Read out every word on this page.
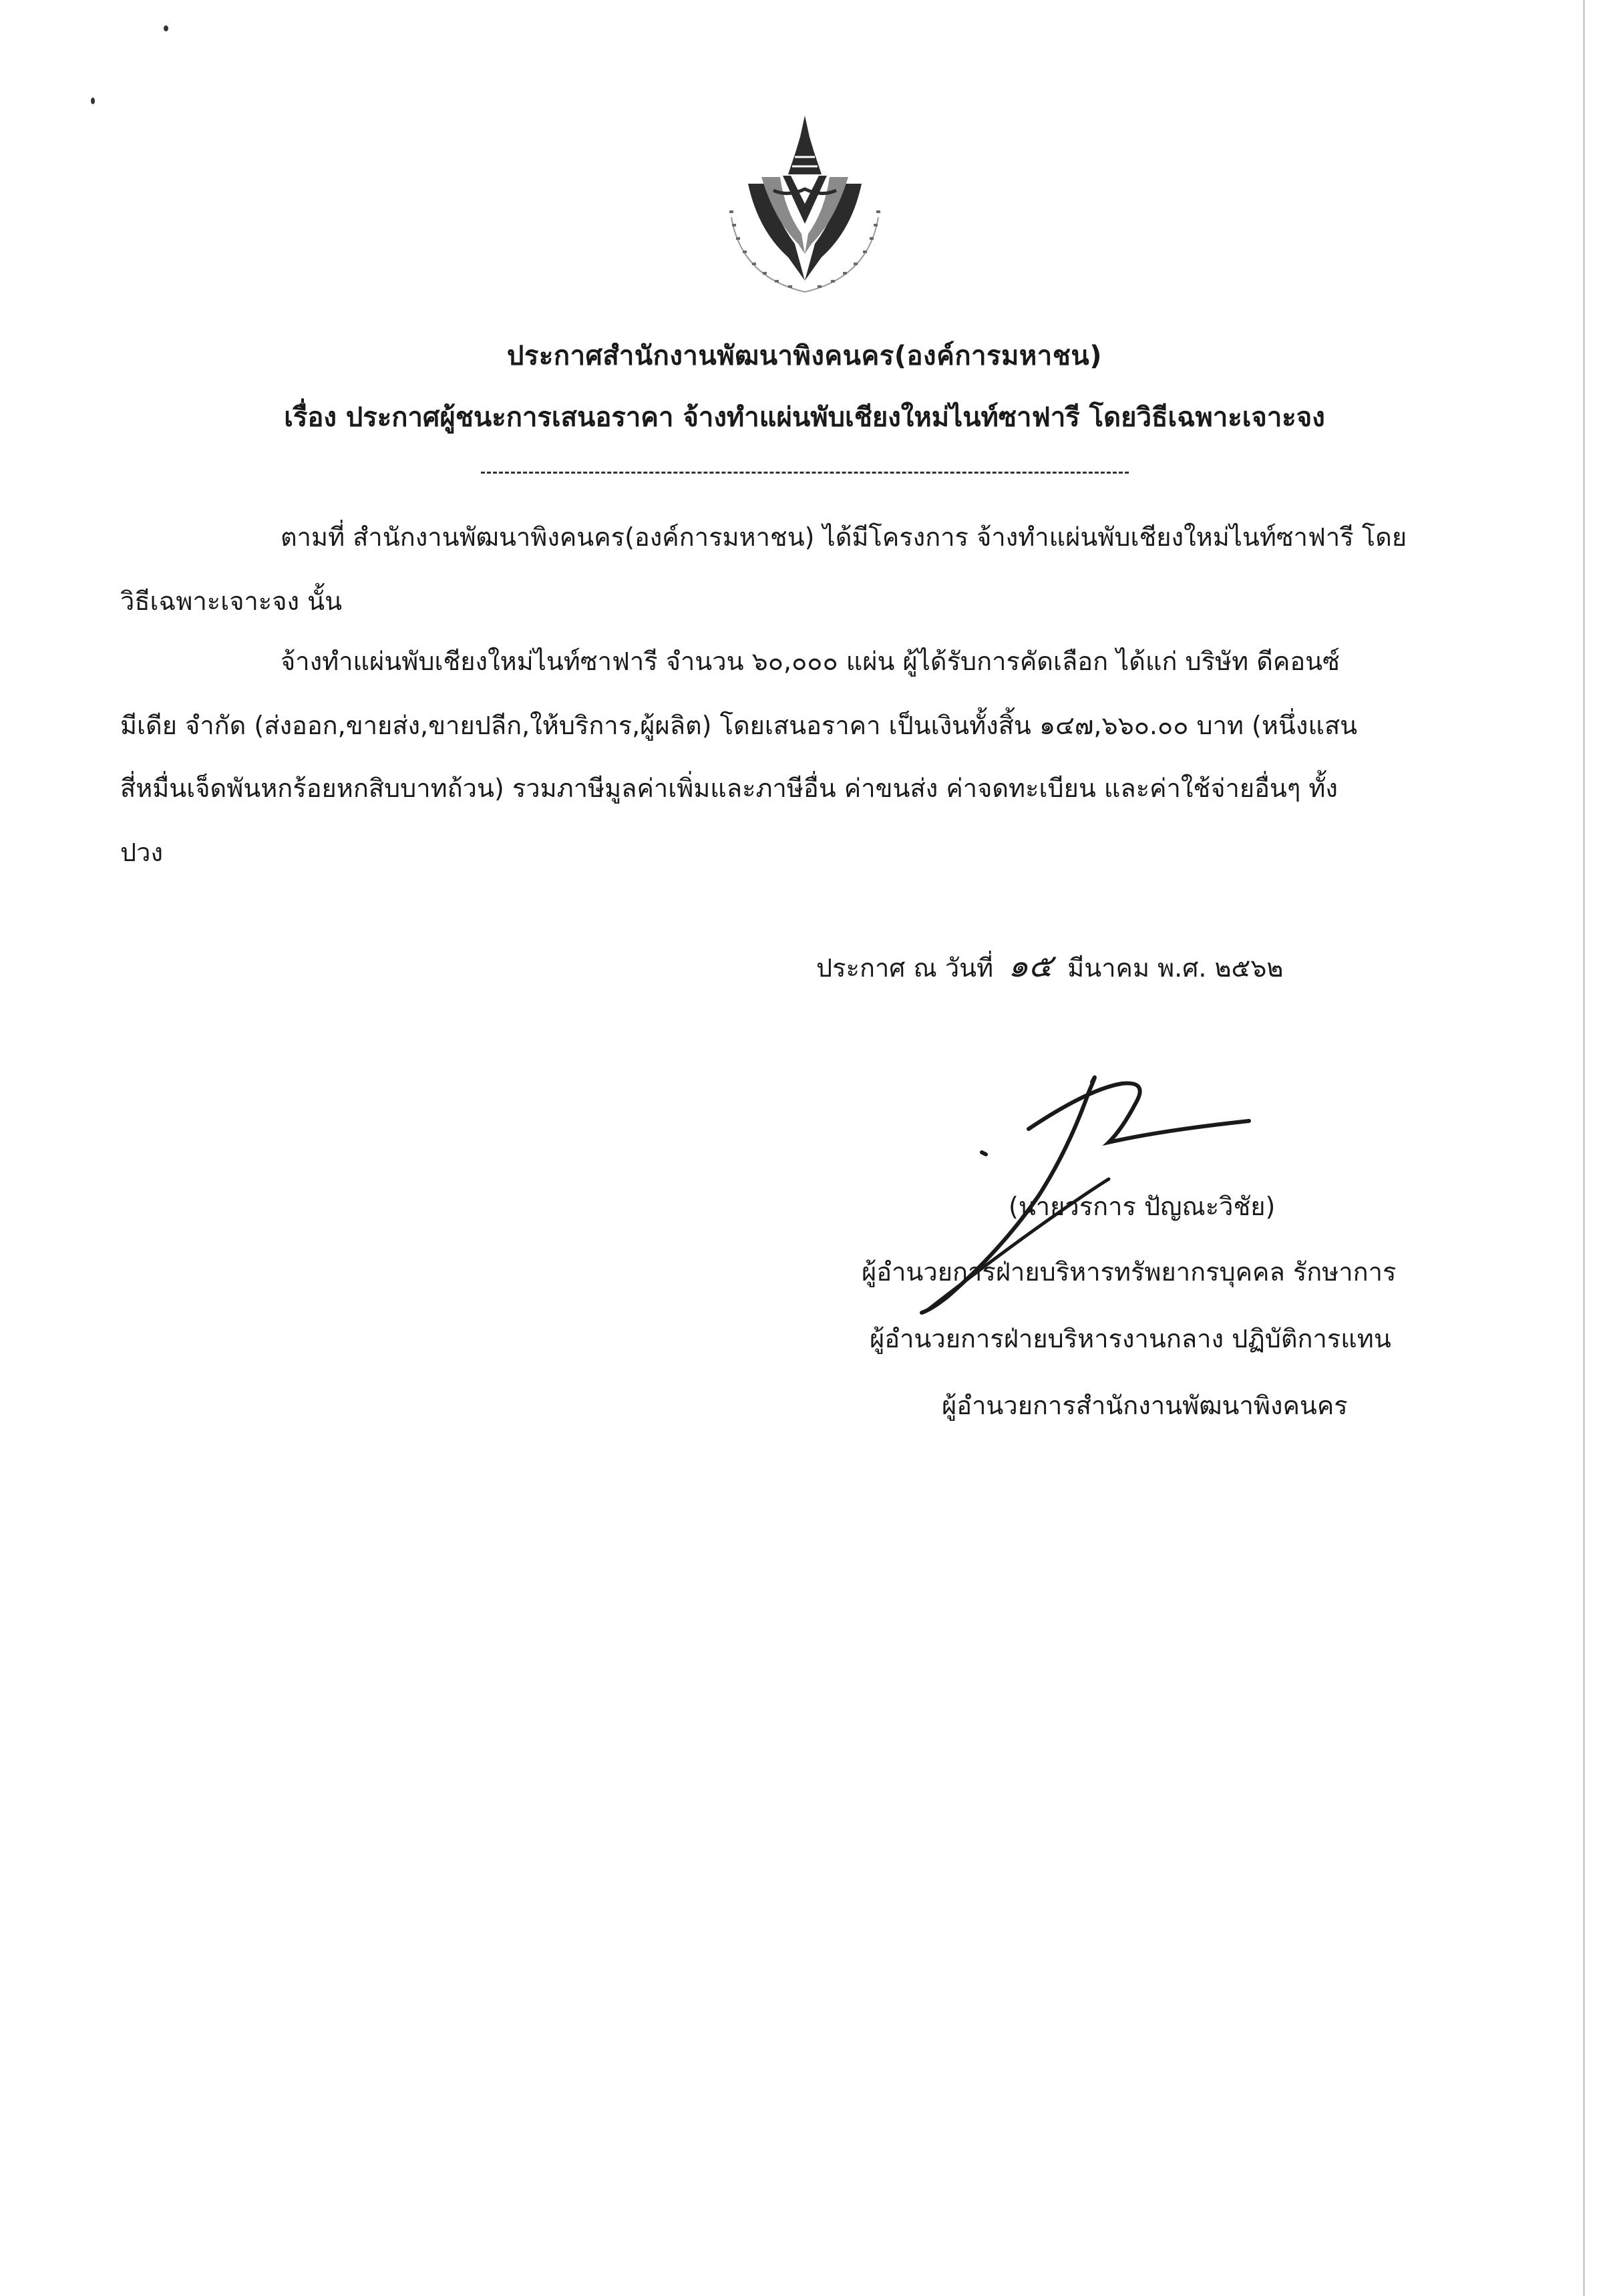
ประกาศสำนักงานพัฒนาพิงคนคร(องค์การมหาชน)
เรื่อง ประกาศผู้ชนะการเสนอราคา จ้างทำแผ่นพับเชียงใหม่ไนท์ซาฟารี โดยวิธีเฉพาะเจาะจง
ตามที่ สำนักงานพัฒนาพิงคนคร(องค์การมหาชน) ได้มีโครงการ จ้างทำแผ่นพับเชียงใหม่ไนท์ซาฟารี โดย
วิธีเฉพาะเจาะจง นั้น
จ้างทำแผ่นพับเชียงใหม่ไนท์ซาฟารี จำนวน ๖๐,๐๐๐ แผ่น ผู้ได้รับการคัดเลือก ได้แก่ บริษัท ดีคอนซ์
มีเดีย จำกัด (ส่งออก,ขายส่ง,ขายปลีก,ให้บริการ,ผู้ผลิต) โดยเสนอราคา เป็นเงินทั้งสิ้น ๑๔๗,๖๖๐.๐๐ บาท (หนึ่งแสน
สี่หมื่นเจ็ดพันหกร้อยหกสิบบาทถ้วน) รวมภาษีมูลค่าเพิ่มและภาษีอื่น ค่าขนส่ง ค่าจดทะเบียน และค่าใช้จ่ายอื่นๆ ทั้ง
ปวง
ประกาศ ณ วันที่ ๑๕ มีนาคม พ.ศ. ๒๕๖๒
(นายวรการ ปัญณะวิชัย)
ผู้อำนวยการฝ่ายบริหารทรัพยากรบุคคล รักษาการ
ผู้อำนวยการฝ่ายบริหารงานกลาง ปฏิบัติการแทน
ผู้อำนวยการสำนักงานพัฒนาพิงคนคร
